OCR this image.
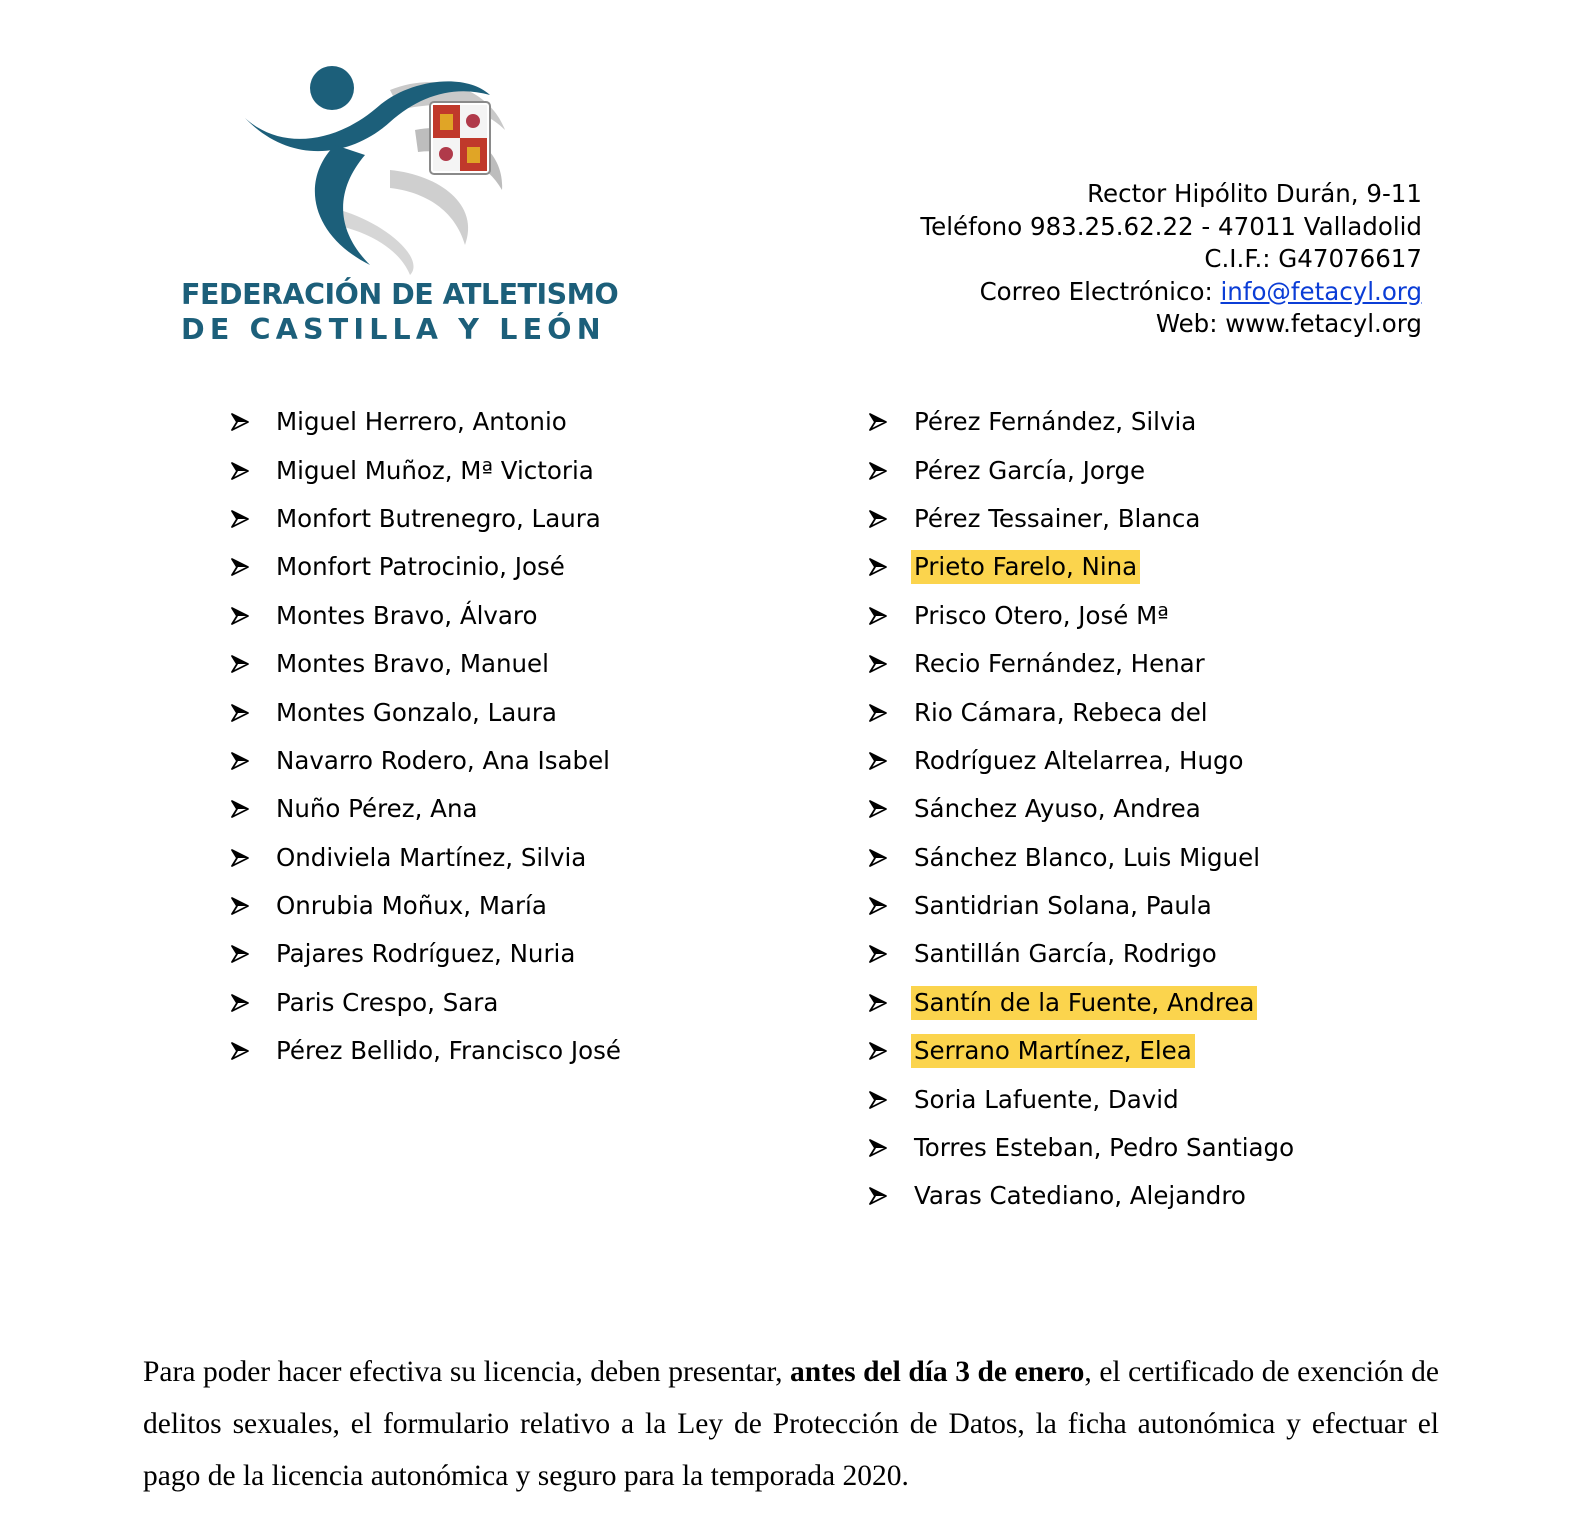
FEDERACIÓN DE ATLETISMO
DE CASTILLA Y LEÓN
Rector Hipólito Durán, 9-11
Teléfono 983.25.62.22 - 47011 Valladolid
C.I.F.: G47076617
Correo Electrónico: info@fetacyl.org
Web: www.fetacyl.org
Miguel Herrero, Antonio
Miguel Muñoz, Mª Victoria
Monfort Butrenegro, Laura
Monfort Patrocinio, José
Montes Bravo, Álvaro
Montes Bravo, Manuel
Montes Gonzalo, Laura
Navarro Rodero, Ana Isabel
Nuño Pérez, Ana
Ondiviela Martínez, Silvia
Onrubia Moñux, María
Pajares Rodríguez, Nuria
Paris Crespo, Sara
Pérez Bellido, Francisco José
Pérez Fernández, Silvia
Pérez García, Jorge
Pérez Tessainer, Blanca
Prieto Farelo, Nina
Prisco Otero, José Mª
Recio Fernández, Henar
Rio Cámara, Rebeca del
Rodríguez Altelarrea, Hugo
Sánchez Ayuso, Andrea
Sánchez Blanco, Luis Miguel
Santidrian Solana, Paula
Santillán García, Rodrigo
Santín de la Fuente, Andrea
Serrano Martínez, Elea
Soria Lafuente, David
Torres Esteban, Pedro Santiago
Varas Catediano, Alejandro

Para poder hacer efectiva su licencia, deben presentar, antes del día 3 de enero, el certificado de exención de delitos sexuales, el formulario relativo a la Ley de Protección de Datos, la ficha autonómica y efectuar el pago de la licencia autonómica y seguro para la temporada 2020.
